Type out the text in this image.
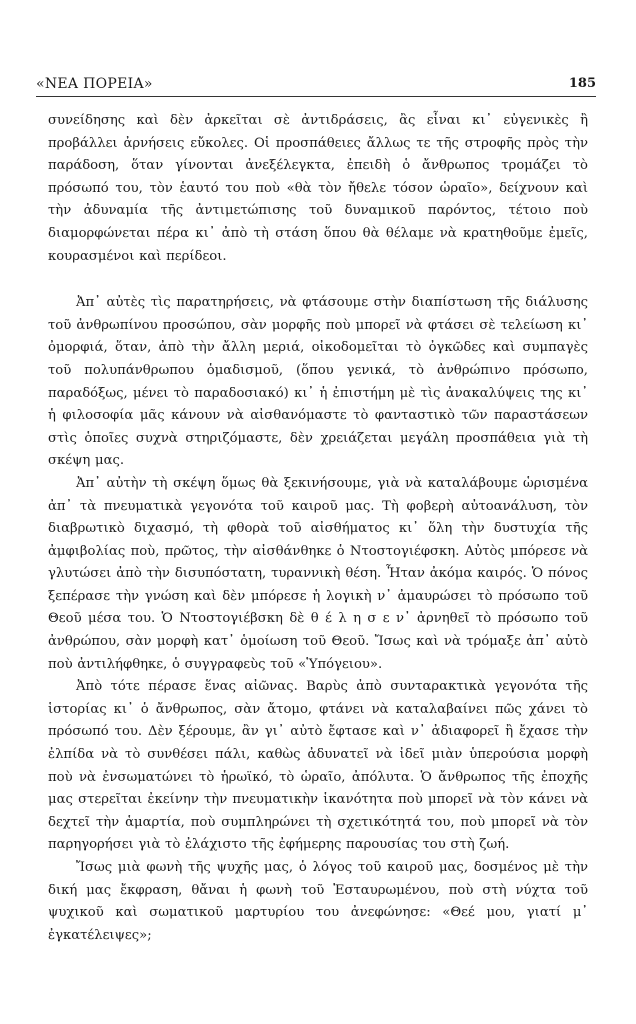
«ΝΕΑ ΠΟΡΕΙΑ»	185

συνείδησης καὶ δὲν ἀρκεῖται σὲ ἀντιδράσεις, ἂς εἶναι κι᾽ εὐγενικὲς ἢ προβάλλει ἀρνήσεις εὔκολες. Οἱ προσπάθειες ἄλλως τε τῆς στροφῆς πρὸς τὴν παράδοση, ὅταν γίνονται ἀνεξέλεγκτα, ἐπειδὴ ὁ ἄνθρωπος τρομάζει τὸ πρόσωπό του, τὸν ἑαυτό του ποὺ «θὰ τὸν ἤθελε τόσον ὡραῖο», δείχνουν καὶ τὴν ἀδυναμία τῆς ἀντιμετώπισης τοῦ δυναμικοῦ παρόντος, τέτοιο ποὺ διαμορφώνεται πέρα κι᾽ ἀπὸ τὴ στάση ὅπου θὰ θέλαμε νὰ κρατηθοῦμε ἐμεῖς, κουρασμένοι καὶ περίδεοι.

Ἀπ᾽ αὐτὲς τὶς παρατηρήσεις, νὰ φτάσουμε στὴν διαπίστωση τῆς διάλυσης τοῦ ἀνθρωπίνου προσώπου, σὰν μορφῆς ποὺ μπορεῖ νὰ φτάσει σὲ τελείωση κι᾽ ὀμορφιά, ὅταν, ἀπὸ τὴν ἄλλη μεριά, οἰκοδομεῖται τὸ ὀγκῶδες καὶ συμπαγὲς τοῦ πολυπάνθρωπου ὁμαδισμοῦ, (ὅπου γενικά, τὸ ἀνθρώπινο πρόσωπο, παραδόξως, μένει τὸ παραδοσιακό) κι᾽ ἡ ἐπιστήμη μὲ τὶς ἀνακαλύψεις της κι᾽ ἡ φιλοσοφία μᾶς κάνουν νὰ αἰσθανόμαστε τὸ φανταστικὸ τῶν παραστάσεων στὶς ὁποῖες συχνὰ στηριζόμαστε, δὲν χρειάζεται μεγάλη προσπάθεια γιὰ τὴ σκέψη μας.

Ἀπ᾽ αὐτὴν τὴ σκέψη ὅμως θὰ ξεκινήσουμε, γιὰ νὰ καταλάβουμε ὡρισμένα ἀπ᾽ τὰ πνευματικὰ γεγονότα τοῦ καιροῦ μας. Τὴ φοβερὴ αὐτοανάλυση, τὸν διαβρωτικὸ διχασμό, τὴ φθορὰ τοῦ αἰσθήματος κι᾽ ὅλη τὴν δυστυχία τῆς ἀμφιβολίας ποὺ, πρῶτος, τὴν αἰσθάνθηκε ὁ Ντοστογιέφσκη. Αὐτὸς μπόρεσε νὰ γλυτώσει ἀπὸ τὴν δισυπόστατη, τυραννικὴ θέση. Ἦταν ἀκόμα καιρός. Ὁ πόνος ξεπέρασε τὴν γνώση καὶ δὲν μπόρεσε ἡ λογικὴ ν᾽ ἀμαυρώσει τὸ πρόσωπο τοῦ Θεοῦ μέσα του. Ὁ Ντοστογιέβσκη δὲ θ έ λ η σ ε ν᾽ ἀρνηθεῖ τὸ πρόσωπο τοῦ ἀνθρώπου, σὰν μορφὴ κατ᾽ ὁμοίωση τοῦ Θεοῦ. Ἴσως καὶ νὰ τρόμαξε ἀπ᾽ αὐτὸ ποὺ ἀντιλήφθηκε, ὁ συγγραφεὺς τοῦ «Ὑπόγειου».

Ἀπὸ τότε πέρασε ἕνας αἰῶνας. Βαρὺς ἀπὸ συνταρακτικὰ γεγονότα τῆς ἱστορίας κι᾽ ὁ ἄνθρωπος, σὰν ἄτομο, φτάνει νὰ καταλαβαίνει πῶς χάνει τὸ πρόσωπό του. Δὲν ξέρουμε, ἂν γι᾽ αὐτὸ ἔφτασε καὶ ν᾽ ἀδιαφορεῖ ἢ ἔχασε τὴν ἐλπίδα νὰ τὸ συνθέσει πάλι, καθὼς ἀδυνατεῖ νὰ ἰδεῖ μιὰν ὑπερούσια μορφὴ ποὺ νὰ ἐνσωματώνει τὸ ἡρωϊκό, τὸ ὡραῖο, ἀπόλυτα. Ὁ ἄνθρωπος τῆς ἐποχῆς μας στερεῖται ἐκείνην τὴν πνευματικὴν ἱκανότητα ποὺ μπορεῖ νὰ τὸν κάνει νὰ δεχτεῖ τὴν ἁμαρτία, ποὺ συμπληρώνει τὴ σχετικότητά του, ποὺ μπορεῖ νὰ τὸν παρηγορήσει γιὰ τὸ ἐλάχιστο τῆς ἐφήμερης παρουσίας του στὴ ζωή.

Ἴσως μιὰ φωνὴ τῆς ψυχῆς μας, ὁ λόγος τοῦ καιροῦ μας, δοσμένος μὲ τὴν δική μας ἔκφραση, θἄναι ἡ φωνὴ τοῦ Ἐσταυρωμένου, ποὺ στὴ νύχτα τοῦ ψυχικοῦ καὶ σωματικοῦ μαρτυρίου του ἀνεφώνησε: «Θεέ μου, γιατί μ᾽ ἐγκατέλειψες»;
